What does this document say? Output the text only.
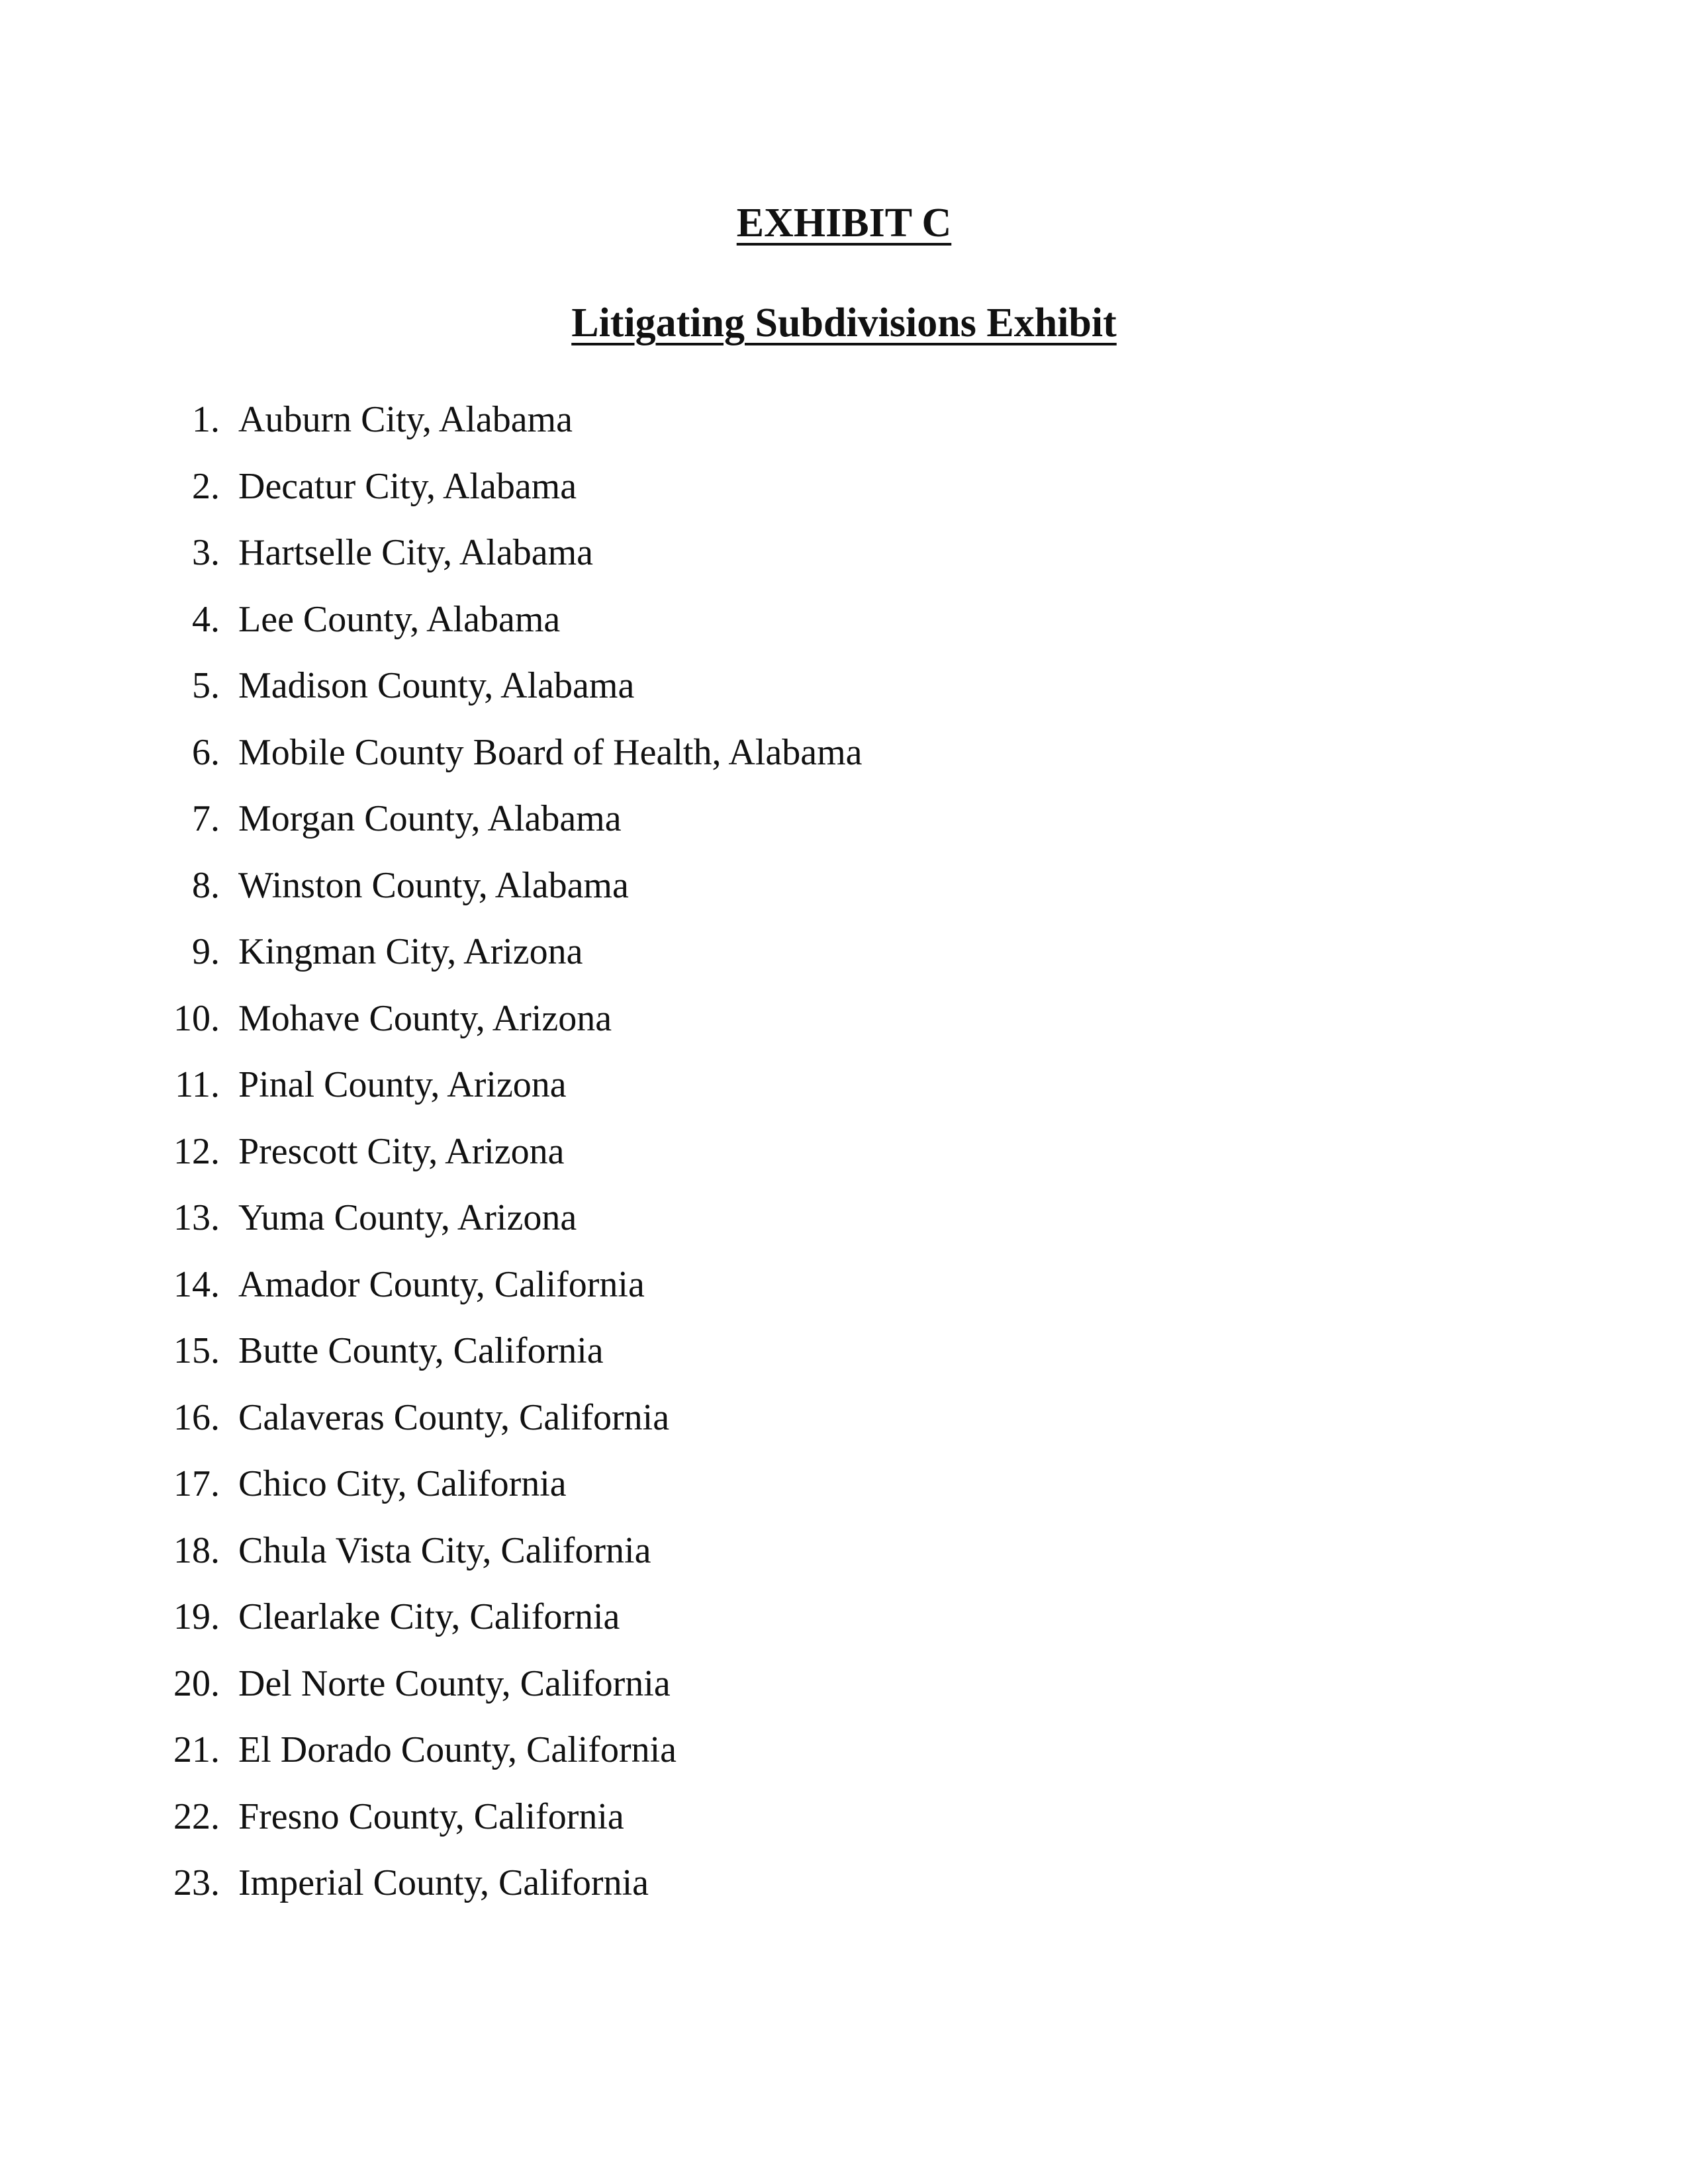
EXHIBIT C
Litigating Subdivisions Exhibit
1. Auburn City, Alabama
2. Decatur City, Alabama
3. Hartselle City, Alabama
4. Lee County, Alabama
5. Madison County, Alabama
6. Mobile County Board of Health, Alabama
7. Morgan County, Alabama
8. Winston County, Alabama
9. Kingman City, Arizona
10. Mohave County, Arizona
11. Pinal County, Arizona
12. Prescott City, Arizona
13. Yuma County, Arizona
14. Amador County, California
15. Butte County, California
16. Calaveras County, California
17. Chico City, California
18. Chula Vista City, California
19. Clearlake City, California
20. Del Norte County, California
21. El Dorado County, California
22. Fresno County, California
23. Imperial County, California
